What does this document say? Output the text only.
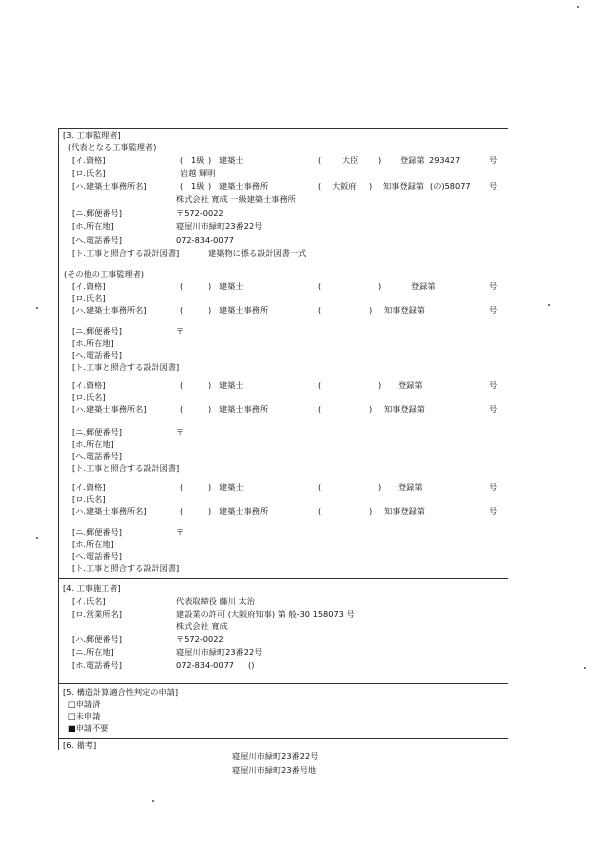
[3. 工事監理者]
(代表となる工事監理者)
[イ.資格]	( 1級 ) 建築士	(	大臣 ) 登録第 293427	号
[ロ.氏名]	岩越 輝明
[ハ.建築士事務所名]	( 1級 ) 建築士事務所	( 大阪府 ) 知事登録第 (の)58077 号
株式会社 寛成 一級建築士事務所
[ニ.郵便番号]	〒572-0022
[ホ.所在地]	寝屋川市緑町23番22号
[ヘ.電話番号]	072-834-0077
[ト.工事と照合する設計図書]	建築物に係る設計図書一式
(その他の工事監理者)
[イ.資格]	(	) 建築士	(	)	登録第	号
[ロ.氏名]
[ハ.建築士事務所名]	(	) 建築士事務所	(	) 知事登録第	号
[ニ.郵便番号]	〒
[ホ.所在地]
[ヘ.電話番号]
[ト.工事と照合する設計図書]
[イ.資格]	(	) 建築士	(	) 登録第	号
[ロ.氏名]
[ハ.建築士事務所名]	(	) 建築士事務所	(	) 知事登録第	号
[ニ.郵便番号]	〒
[ホ.所在地]
[ヘ.電話番号]
[ト.工事と照合する設計図書]
[イ.資格]	(	) 建築士	(	) 登録第	号
[ロ.氏名]
[ハ.建築士事務所名]	(	) 建築士事務所	(	) 知事登録第	号
[ニ.郵便番号]	〒
[ホ.所在地]
[ヘ.電話番号]
[ト.工事と照合する設計図書]
[4. 工事施工者]
[イ.氏名]	代表取締役 藤川 太治
[ロ.営業所名]	建設業の許可 (大阪府知事) 第 般-30 158073 号
株式会社 寛成
[ハ.郵便番号]	〒572-0022
[ニ.所在地]	寝屋川市緑町23番22号
[ホ.電話番号]	072-834-0077 ()
[5. 構造計算適合性判定の申請]
□申請済
□未申請
■申請不要
[6. 備考]
寝屋川市緑町23番22号
寝屋川市緑町23番号地
